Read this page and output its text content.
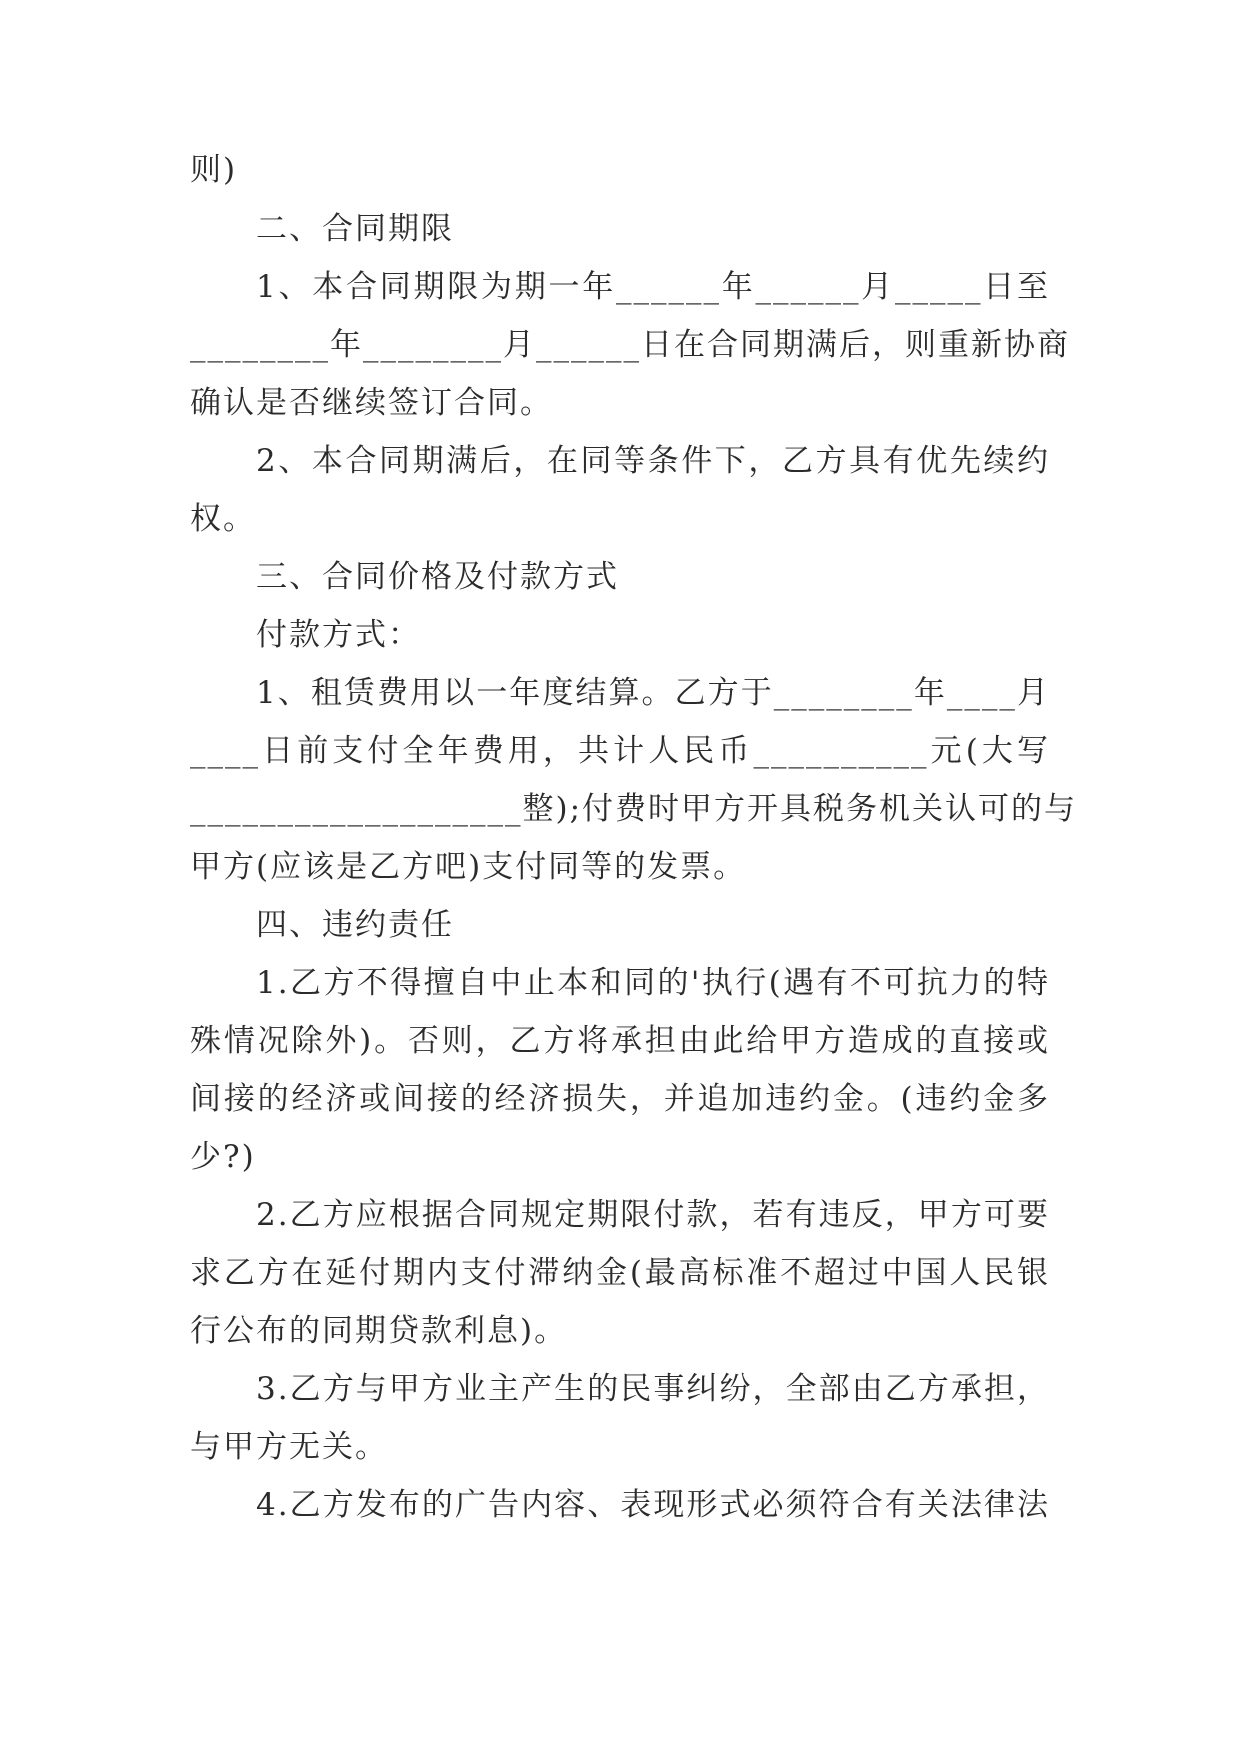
则)
二、合同期限
1、本合同期限为期一年______年______月_____日至
________年________月______日在合同期满后，则重新协商
确认是否继续签订合同。
2、本合同期满后，在同等条件下，乙方具有优先续约
权。
三、合同价格及付款方式
付款方式：
1、租赁费用以一年度结算。乙方于________年____月
____日前支付全年费用，共计人民币__________元(大写
___________________整);付费时甲方开具税务机关认可的与
甲方(应该是乙方吧)支付同等的发票。
四、违约责任
1.乙方不得擅自中止本和同的'执行(遇有不可抗力的特
殊情况除外)。否则，乙方将承担由此给甲方造成的直接或
间接的经济或间接的经济损失，并追加违约金。(违约金多
少?)
2.乙方应根据合同规定期限付款，若有违反，甲方可要
求乙方在延付期内支付滞纳金(最高标准不超过中国人民银
行公布的同期贷款利息)。
3.乙方与甲方业主产生的民事纠纷，全部由乙方承担，
与甲方无关。
4.乙方发布的广告内容、表现形式必须符合有关法律法
